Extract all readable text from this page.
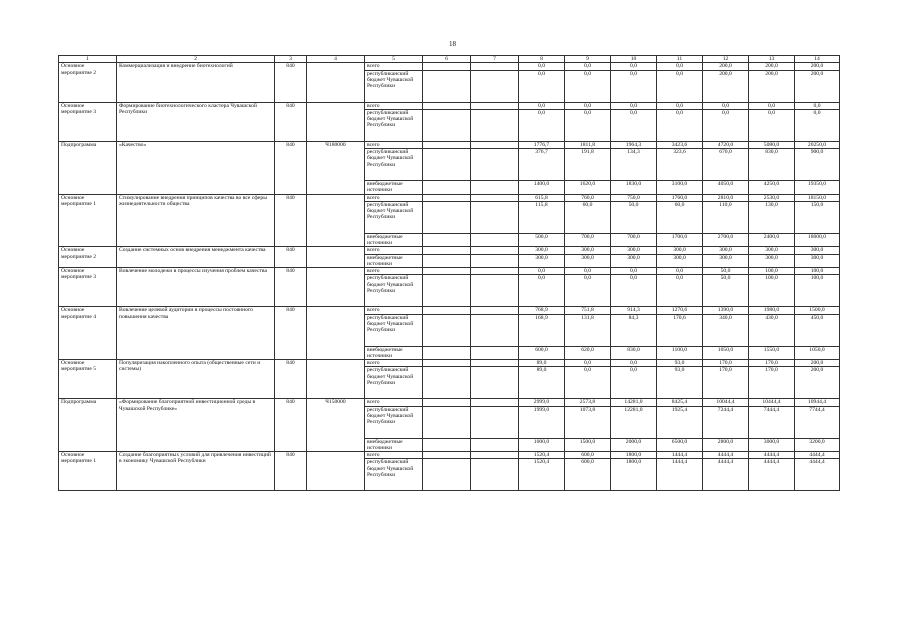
18
1	2	3	4	5	6	7	8	9	10	11	12	13	14
Основное мероприятие 2	Коммерциализация и внедрение биотехнологий	840		всего			0,0	0,0	0,0	0,0	200,0	200,0	200,0
				республиканский бюджет Чувашской Республики			0,0	0,0	0,0	0,0	200,0	200,0	200,0
Основное мероприятие 3	Формирование биотехнологического кластера Чувашской Республики	840		всего			0,0	0,0	0,0	0,0	0,0	0,0	0,0
				республиканский бюджет Чувашской Республики			0,0	0,0	0,0	0,0	0,0	0,0	0,0
Подпрограмма	«Качество»	840	Ч180000	всего			1776,7	1811,8	1964,3	3423,6	4720,0	5080,0	20250,0
				республиканский бюджет Чувашской Республики			376,7	191,8	134,3	323,6	670,0	830,0	900,0
				внебюджетные источники			1400,0	1620,0	1830,0	3100,0	4050,0	4250,0	19350,0
Основное мероприятие 1	Стимулирование внедрения принципов качества во все сферы жизнедеятельности общества	840		всего			615,8	760,0	750,0	1760,0	2810,0	2530,0	18150,0
				республиканский бюджет Чувашской Республики			115,8	60,0	50,0	60,0	110,0	130,0	150,0
				внебюджетные источники			500,0	700,0	700,0	1700,0	2700,0	2400,0	18000,0
Основное мероприятие 2	Создание системных основ внедрения менеджмента качества	840		всего			300,0	300,0	300,0	300,0	300,0	300,0	300,0
				внебюджетные источники			300,0	300,0	300,0	300,0	300,0	300,0	300,0
Основное мероприятие 3	Вовлечение молодежи в процессы изучения проблем качества	840		всего			0,0	0,0	0,0	0,0	50,0	100,0	100,0
				республиканский бюджет Чувашской Республики			0,0	0,0	0,0	0,0	50,0	100,0	100,0
Основное мероприятие 4	Вовлечение целевой аудитории в процессы постоянного повышения качества	840		всего			768,9	751,8	914,3	1270,6	1390,0	1980,0	1500,0
				республиканский бюджет Чувашской Республики			168,9	131,8	84,3	170,6	340,0	430,0	450,0
				внебюджетные источники			600,0	620,0	830,0	1100,0	1050,0	1550,0	1050,0
Основное мероприятие 5	Популяризация накопленного опыта (общественные сети и системы)	840		всего			89,0	0,0	0,0	93,0	170,0	170,0	200,0
				республиканский бюджет Чувашской Республики			89,0	0,0	0,0	93,0	170,0	170,0	200,0
Подпрограмма	«Формирование благоприятной инвестиционной среды в Чувашской Республике»	840	Ч150000	всего			2999,0	2573,8	14281,0	8425,4	10044,4	10444,4	10944,4
				республиканский бюджет Чувашской Республики			1999,0	1073,8	12281,0	1925,4	7244,4	7444,4	7744,4
				внебюджетные источники			1000,0	1500,0	2000,0	6500,0	2800,0	3000,0	3200,0
Основное мероприятие 1	Создание благоприятных условий для привлечения инвестиций в экономику Чувашской Республики	840		всего			1520,4	600,0	1800,0	1444,4	4444,4	4444,4	4444,4
				республиканский бюджет Чувашской Республики			1520,4	600,0	1800,0	1444,4	4444,4	4444,4	4444,4
